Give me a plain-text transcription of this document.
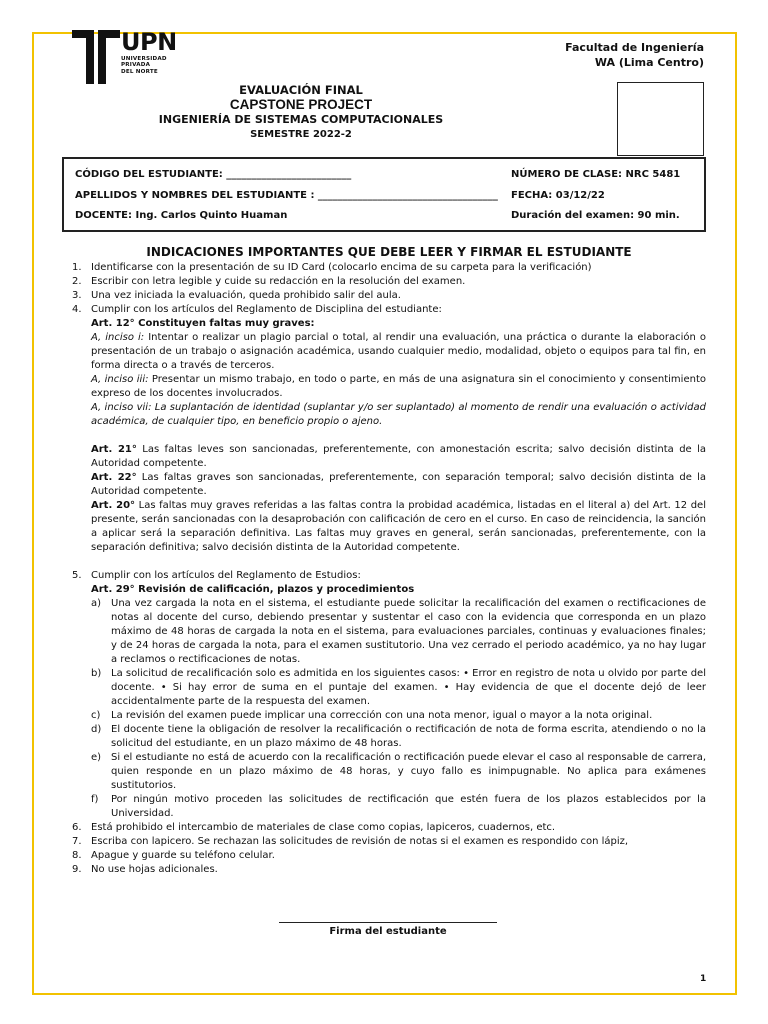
UPN
UNIVERSIDAD
PRIVADA
DEL NORTE
Facultad de Ingeniería
WA (Lima Centro)
EVALUACIÓN FINAL
CAPSTONE PROJECT
INGENIERÍA DE SISTEMAS COMPUTACIONALES
SEMESTRE 2022-2
CÓDIGO DEL ESTUDIANTE: _________________________	NÚMERO DE CLASE: NRC 5481
APELLIDOS Y NOMBRES DEL ESTUDIANTE : ____________________________________ FECHA: 03/12/22
DOCENTE: Ing. Carlos Quinto Huaman	Duración del examen: 90 min.
INDICACIONES IMPORTANTES QUE DEBE LEER Y FIRMAR EL ESTUDIANTE
1. Identificarse con la presentación de su ID Card (colocarlo encima de su carpeta para la verificación)
2. Escribir con letra legible y cuide su redacción en la resolución del examen.
3. Una vez iniciada la evaluación, queda prohibido salir del aula.
4. Cumplir con los artículos del Reglamento de Disciplina del estudiante:
Art. 12° Constituyen faltas muy graves:
A, inciso i: Intentar o realizar un plagio parcial o total, al rendir una evaluación, una práctica o durante la elaboración o presentación de un trabajo o asignación académica, usando cualquier medio, modalidad, objeto o equipos para tal fin, en forma directa o a través de terceros.
A, inciso iii: Presentar un mismo trabajo, en todo o parte, en más de una asignatura sin el conocimiento y consentimiento expreso de los docentes involucrados.
A, inciso vii: La suplantación de identidad (suplantar y/o ser suplantado) al momento de rendir una evaluación o actividad académica, de cualquier tipo, en beneficio propio o ajeno.
Art. 21° Las faltas leves son sancionadas, preferentemente, con amonestación escrita; salvo decisión distinta de la Autoridad competente.
Art. 22° Las faltas graves son sancionadas, preferentemente, con separación temporal; salvo decisión distinta de la Autoridad competente.
Art. 20° Las faltas muy graves referidas a las faltas contra la probidad académica, listadas en el literal a) del Art. 12 del presente, serán sancionadas con la desaprobación con calificación de cero en el curso. En caso de reincidencia, la sanción a aplicar será la separación definitiva. Las faltas muy graves en general, serán sancionadas, preferentemente, con la separación definitiva; salvo decisión distinta de la Autoridad competente.
5. Cumplir con los artículos del Reglamento de Estudios:
Art. 29° Revisión de calificación, plazos y procedimientos
a) Una vez cargada la nota en el sistema, el estudiante puede solicitar la recalificación del examen o rectificaciones de notas al docente del curso, debiendo presentar y sustentar el caso con la evidencia que corresponda en un plazo máximo de 48 horas de cargada la nota en el sistema, para evaluaciones parciales, continuas y evaluaciones finales; y de 24 horas de cargada la nota, para el examen sustitutorio. Una vez cerrado el periodo académico, ya no hay lugar a reclamos o rectificaciones de notas.
b) La solicitud de recalificación solo es admitida en los siguientes casos: • Error en registro de nota u olvido por parte del docente. • Si hay error de suma en el puntaje del examen. • Hay evidencia de que el docente dejó de leer accidentalmente parte de la respuesta del examen.
c)	La revisión del examen puede implicar una corrección con una nota menor, igual o mayor a la nota original.
d) El docente tiene la obligación de resolver la recalificación o rectificación de nota de forma escrita, atendiendo o no la solicitud del estudiante, en un plazo máximo de 48 horas.
e) Si el estudiante no está de acuerdo con la recalificación o rectificación puede elevar el caso al responsable de carrera, quien responde en un plazo máximo de 48 horas, y cuyo fallo es inimpugnable. No aplica para exámenes sustitutorios.
f)	Por ningún motivo proceden las solicitudes de rectificación que estén fuera de los plazos establecidos por la Universidad.
6. Está prohibido el intercambio de materiales de clase como copias, lapiceros, cuadernos, etc.
7. Escriba con lapicero. Se rechazan las solicitudes de revisión de notas si el examen es respondido con lápiz,
8. Apague y guarde su teléfono celular.
9. No use hojas adicionales.
Firma del estudiante
1
